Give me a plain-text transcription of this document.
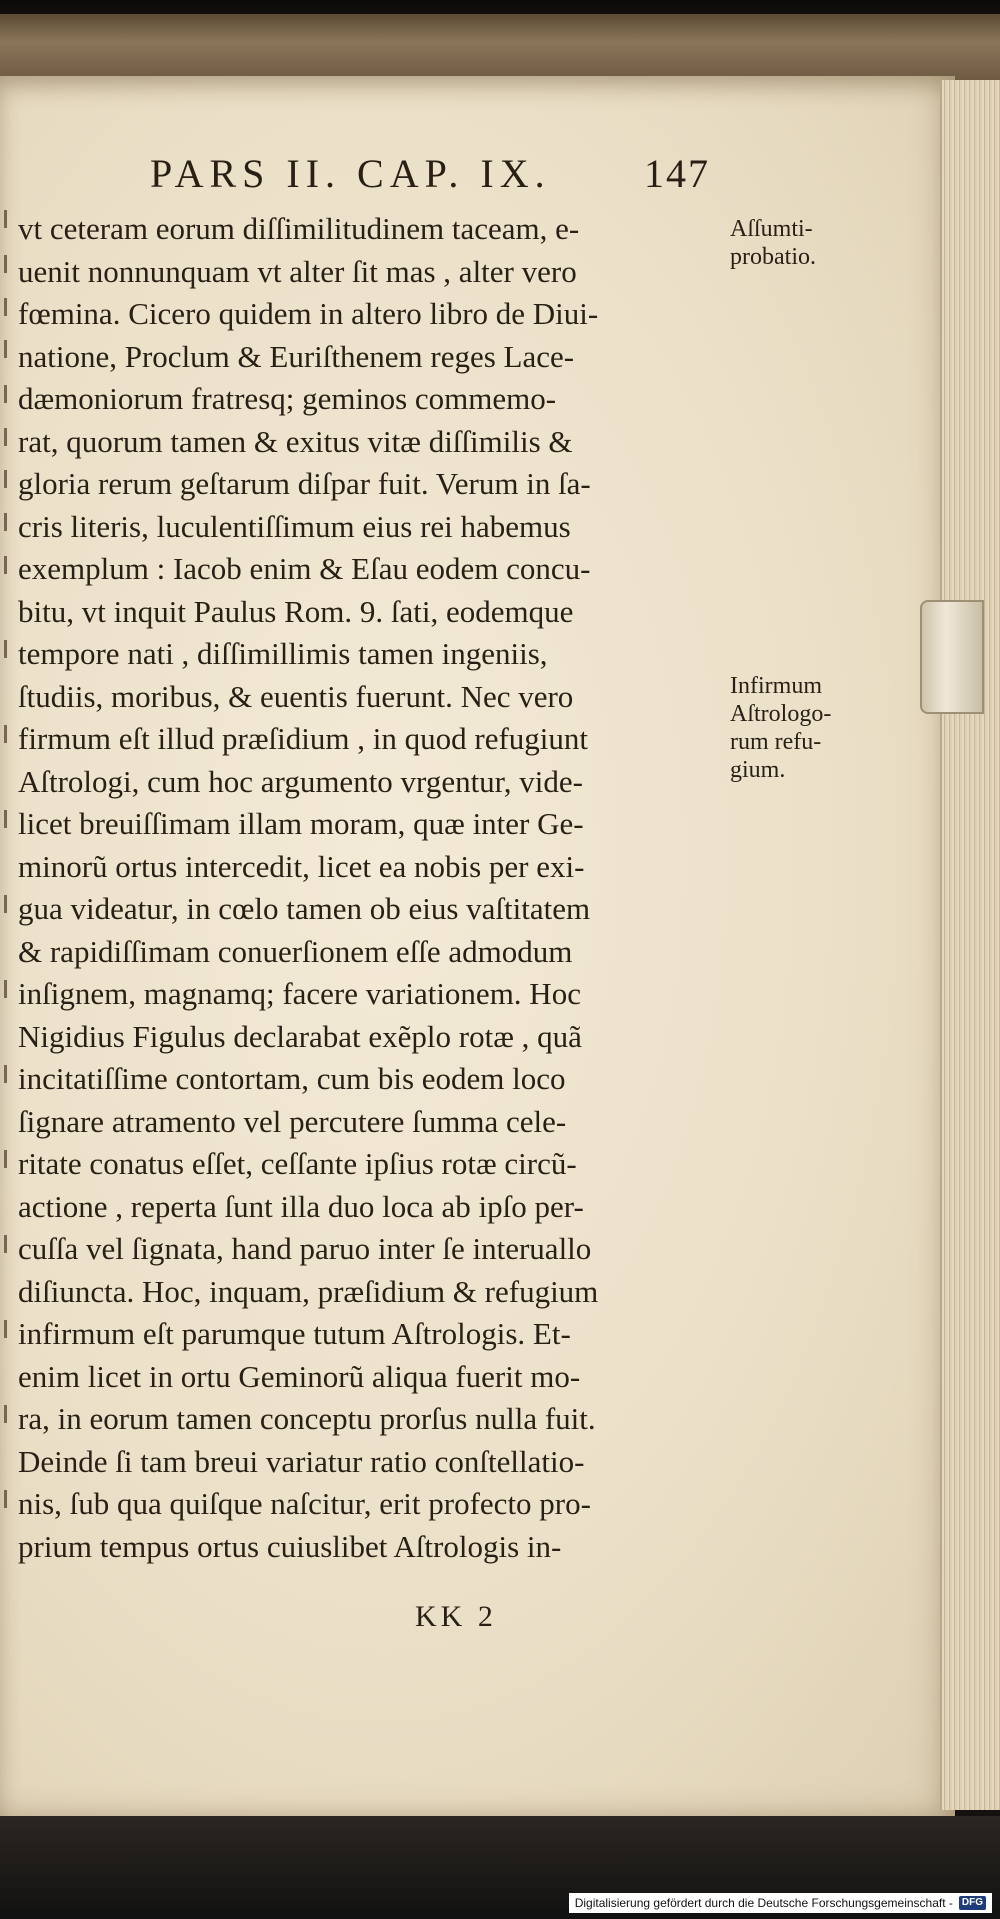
PARS II. CAP. IX. 147
vt ceteram eorum diſſimilitudinem taceam, e-
uenit nonnunquam vt alter ſit mas , alter vero
fœmina. Cicero quidem in altero libro de Diui-
natione, Proclum & Euriſthenem reges Lace-
dæmoniorum fratresq; geminos commemo-
rat, quorum tamen & exitus vitæ diſſimilis &
gloria rerum geſtarum diſpar fuit. Verum in ſa-
cris literis, luculentiſſimum eius rei habemus
exemplum : Iacob enim & Eſau eodem concu-
bitu, vt inquit Paulus Rom. 9. ſati, eodemque
tempore nati , diſſimillimis tamen ingeniis,
ſtudiis, moribus, & euentis fuerunt. Nec vero
firmum eſt illud præſidium , in quod refugiunt
Aſtrologi, cum hoc argumento vrgentur, vide-
licet breuiſſimam illam moram, quæ inter Ge-
minorũ ortus intercedit, licet ea nobis per exi-
gua videatur, in cœlo tamen ob eius vaſtitatem
& rapidiſſimam conuerſionem eſſe admodum
inſignem, magnamq; facere variationem. Hoc
Nigidius Figulus declarabat exẽplo rotæ , quã
incitatiſſime contortam, cum bis eodem loco
ſignare atramento vel percutere ſumma cele-
ritate conatus eſſet, ceſſante ipſius rotæ circũ-
actione , reperta ſunt illa duo loca ab ipſo per-
cuſſa vel ſignata, hand paruo inter ſe interuallo
diſiuncta. Hoc, inquam, præſidium & refugium
infirmum eſt parumque tutum Aſtrologis. Et-
enim licet in ortu Geminorũ aliqua fuerit mo-
ra, in eorum tamen conceptu prorſus nulla fuit.
Deinde ſi tam breui variatur ratio conſtellatio-
nis, ſub qua quiſque naſcitur, erit profecto pro-
prium tempus ortus cuiuslibet Aſtrologis in-
Aſſumti-
probatio.
Infirmum
Aſtrologo-
rum refu-
gium.
KK 2
Digitalisierung gefördert durch die Deutsche Forschungsgemeinschaft - DFG
